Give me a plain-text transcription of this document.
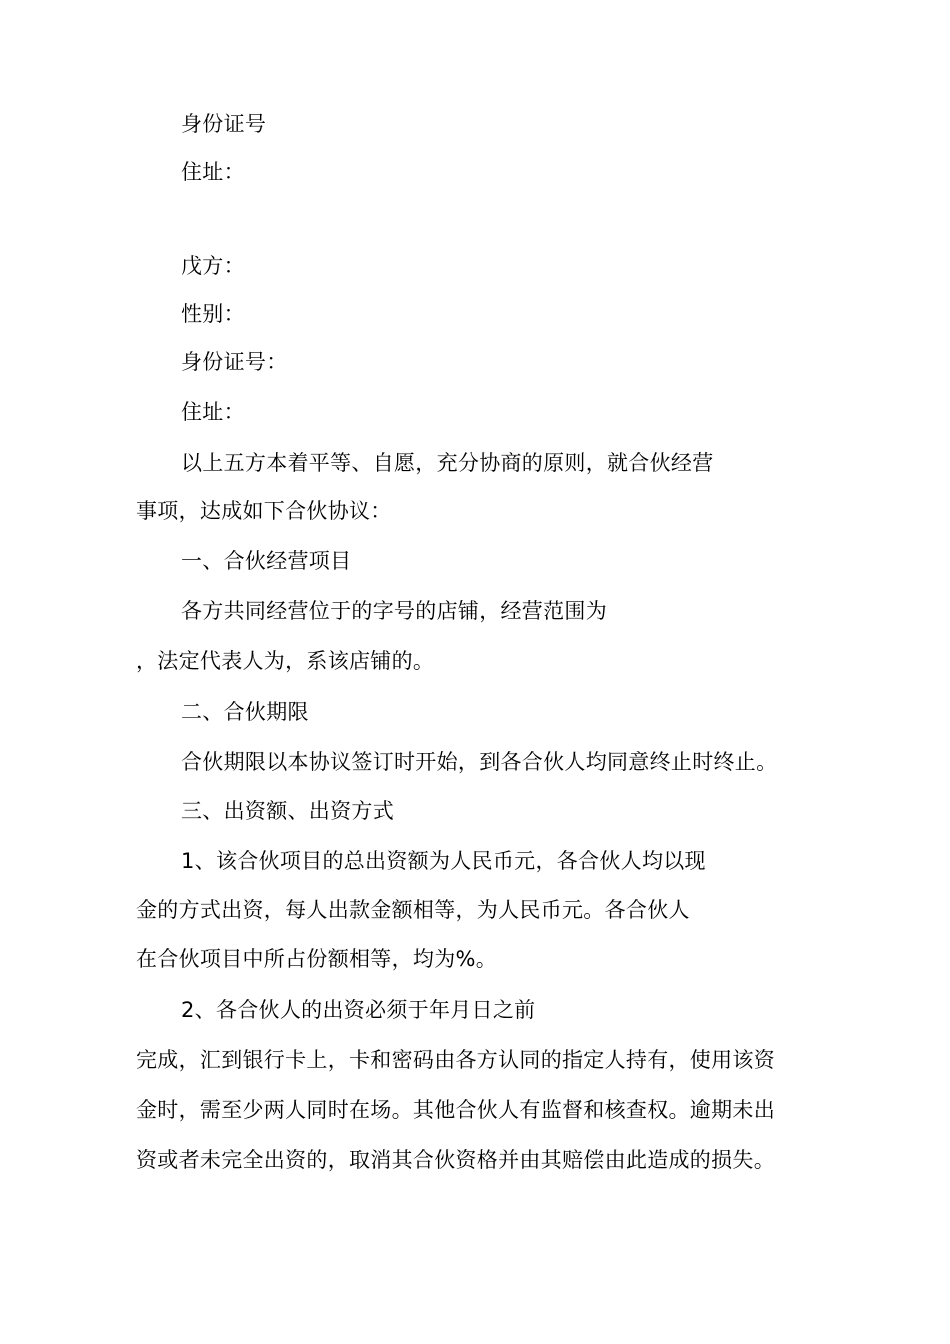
身份证号
住址：
戊方：
性别：
身份证号：
住址：
以上五方本着平等、自愿，充分协商的原则，就合伙经营
事项，达成如下合伙协议：
一、合伙经营项目
各方共同经营位于的字号的店铺，经营范围为
，法定代表人为，系该店铺的。
二、合伙期限
合伙期限以本协议签订时开始，到各合伙人均同意终止时终止。
三、出资额、出资方式
1、该合伙项目的总出资额为人民币元，各合伙人均以现
金的方式出资，每人出款金额相等，为人民币元。各合伙人
在合伙项目中所占份额相等，均为%。
2、各合伙人的出资必须于年月日之前
完成，汇到银行卡上，卡和密码由各方认同的指定人持有，使用该资
金时，需至少两人同时在场。其他合伙人有监督和核查权。逾期未出
资或者未完全出资的，取消其合伙资格并由其赔偿由此造成的损失。
